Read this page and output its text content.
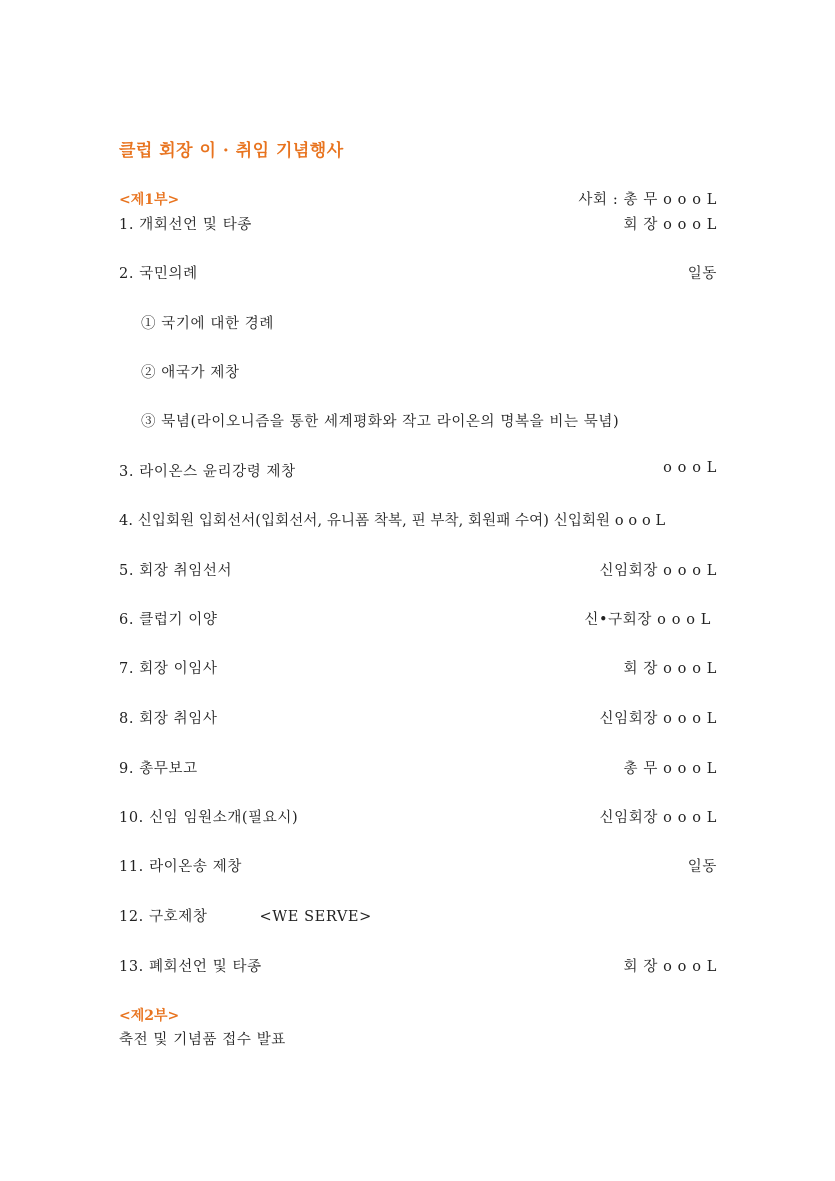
클럽 회장 이 · 취임 기념행사
<제1부>	사회 : 총 무 o o o L
1. 개회선언 및 타종	회 장 o o o L
2. 국민의례	일동
① 국기에 대한 경례
② 애국가 제창
③ 묵념(라이오니즘을 통한 세계평화와 작고 라이온의 명복을 비는 묵념)
3. 라이온스 윤리강령 제창	o o o L
4. 신입회원 입회선서(입회선서, 유니폼 착복, 핀 부착, 회원패 수여) 신입회원 o o o L
5. 회장 취임선서	신임회장 o o o L
6. 클럽기 이양	신•구회장 o o o L
7. 회장 이임사	회 장 o o o L
8. 회장 취임사	신임회장 o o o L
9. 총무보고	총 무 o o o L
10. 신임 임원소개(필요시)	신임회장 o o o L
11. 라이온송 제창	일동
12. 구호제창	<WE SERVE>
13. 폐회선언 및 타종	회 장 o o o L
<제2부>
축전 및 기념품 접수 발표
